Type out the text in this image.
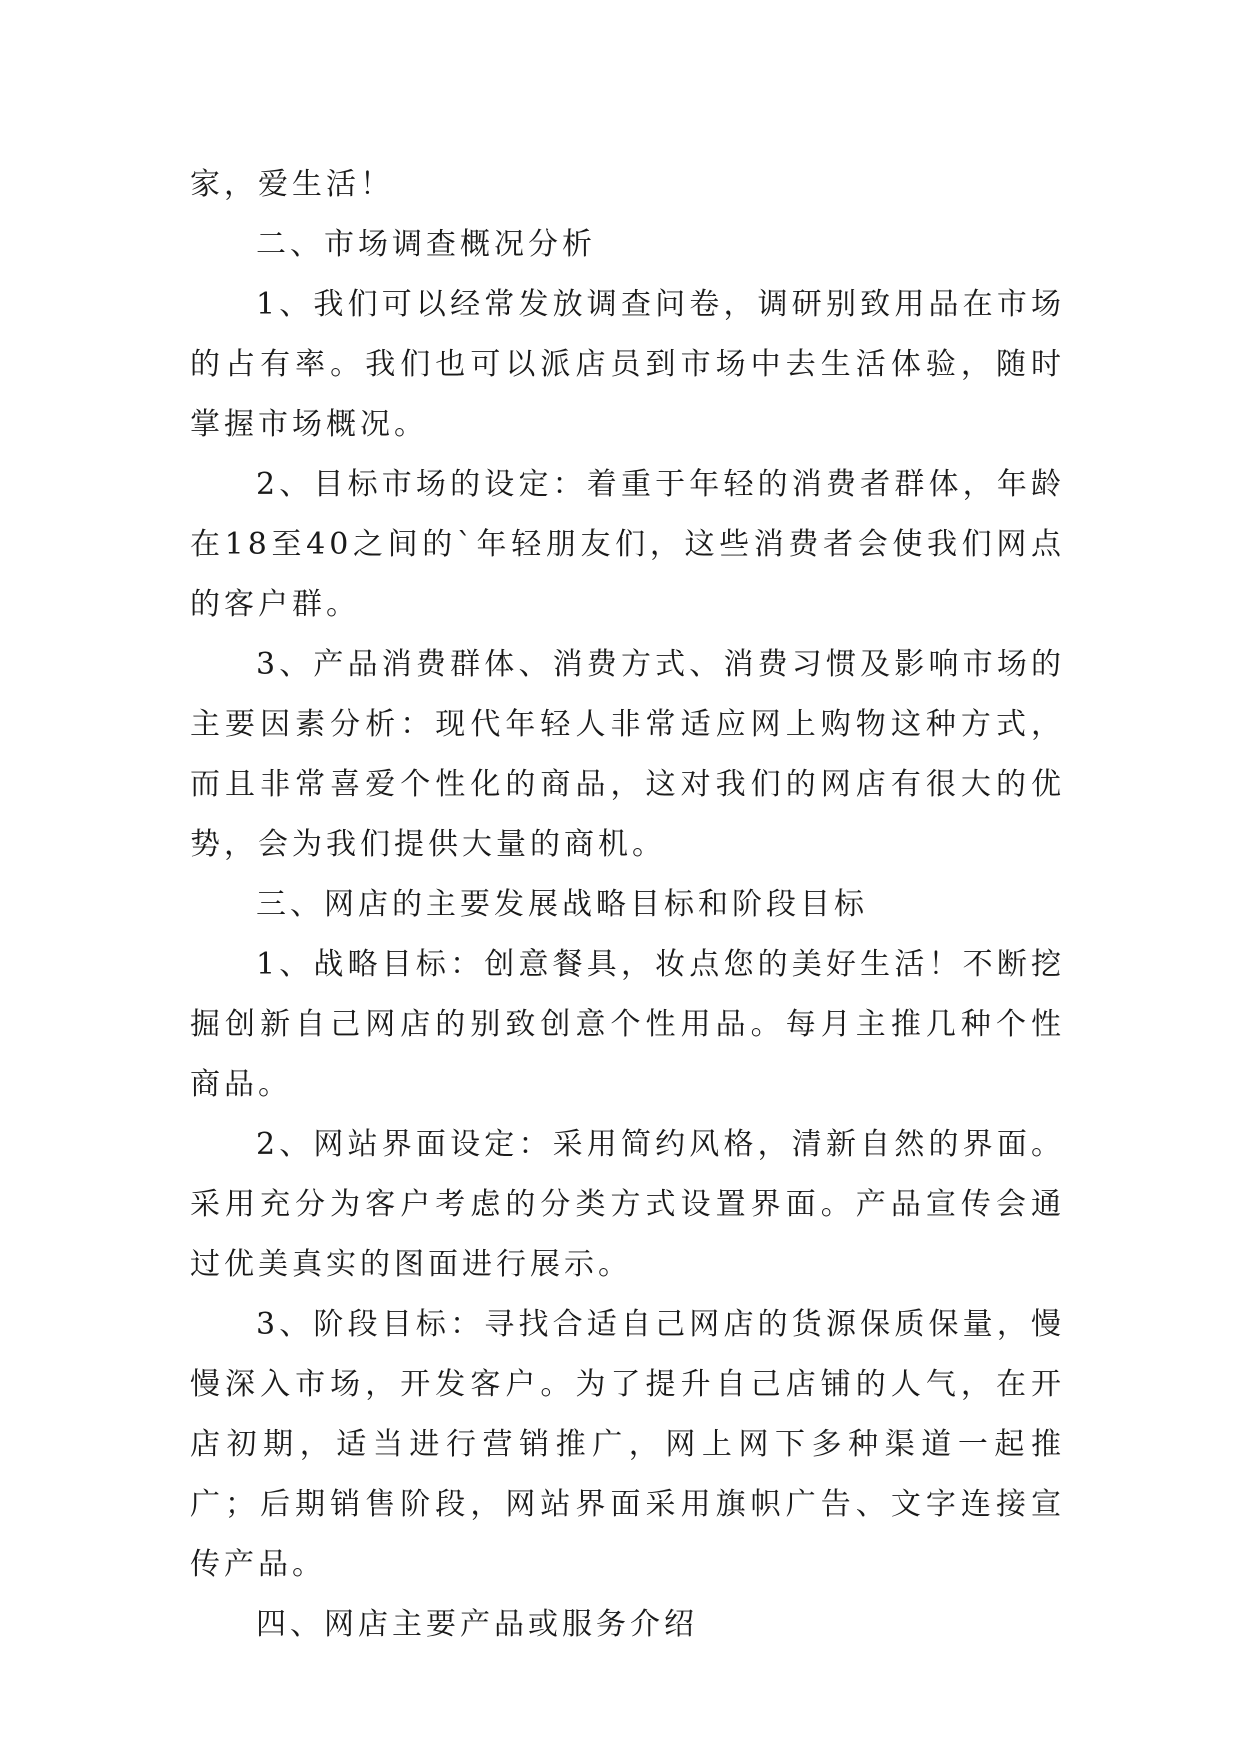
家，爱生活！

二、市场调查概况分析

1、我们可以经常发放调查问卷，调研别致用品在市场的占有率。我们也可以派店员到市场中去生活体验，随时掌握市场概况。

2、目标市场的设定：着重于年轻的消费者群体，年龄在18至40之间的`年轻朋友们，这些消费者会使我们网点的客户群。

3、产品消费群体、消费方式、消费习惯及影响市场的主要因素分析：现代年轻人非常适应网上购物这种方式，而且非常喜爱个性化的商品，这对我们的网店有很大的优势，会为我们提供大量的商机。

三、网店的主要发展战略目标和阶段目标

1、战略目标：创意餐具，妆点您的美好生活！不断挖掘创新自己网店的别致创意个性用品。每月主推几种个性商品。

2、网站界面设定：采用简约风格，清新自然的界面。采用充分为客户考虑的分类方式设置界面。产品宣传会通过优美真实的图面进行展示。

3、阶段目标：寻找合适自己网店的货源保质保量，慢慢深入市场，开发客户。为了提升自己店铺的人气，在开店初期，适当进行营销推广，网上网下多种渠道一起推广；后期销售阶段，网站界面采用旗帜广告、文字连接宣传产品。

四、网店主要产品或服务介绍
